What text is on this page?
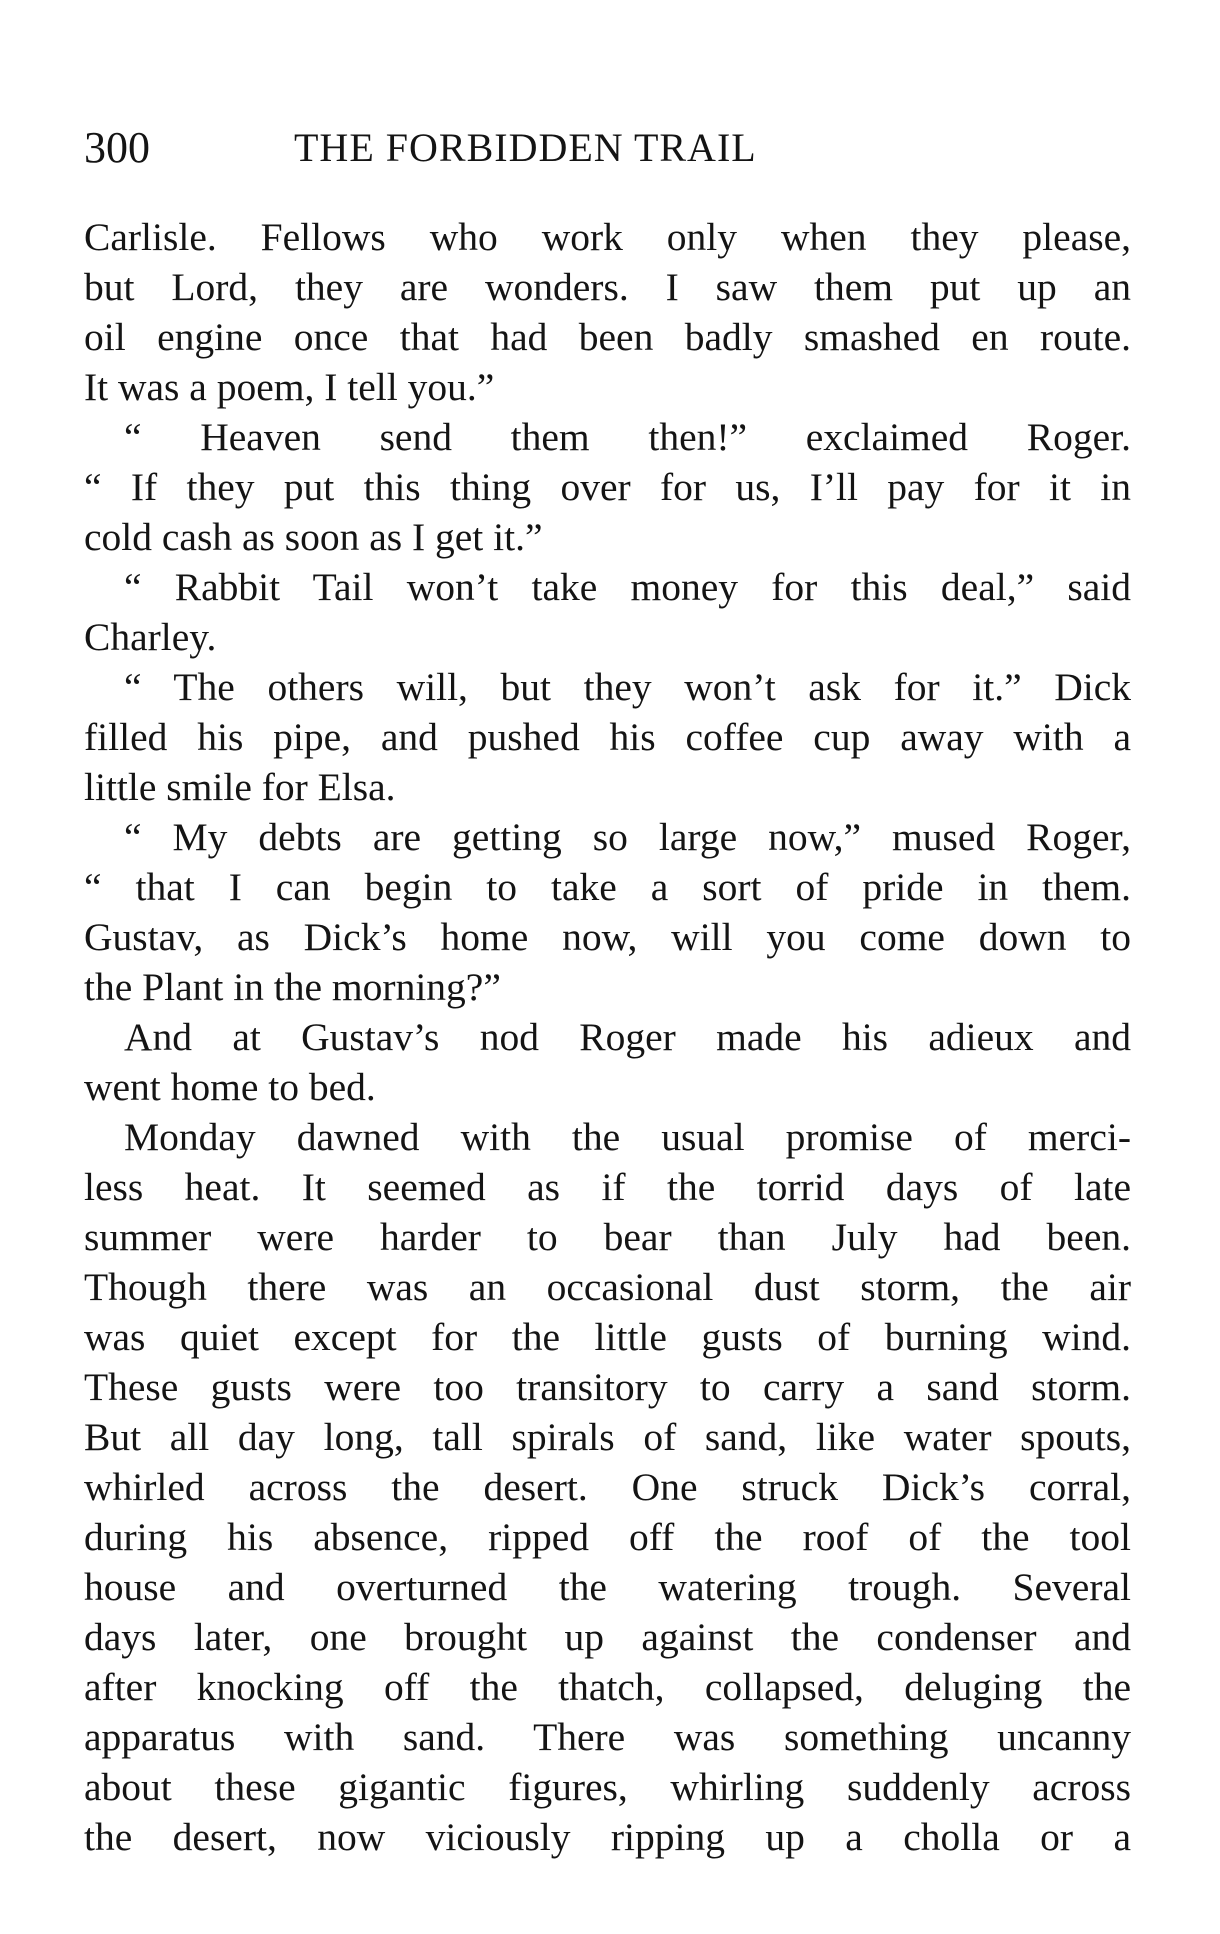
300	THE FORBIDDEN TRAIL
Carlisle. Fellows who work only when they please,
but Lord, they are wonders. I saw them put up an
oil engine once that had been badly smashed en route.
It was a poem, I tell you.”
“ Heaven send them then!” exclaimed Roger.
“ If they put this thing over for us, I’ll pay for it in
cold cash as soon as I get it.”
“ Rabbit Tail won’t take money for this deal,” said
Charley.
“ The others will, but they won’t ask for it.” Dick
filled his pipe, and pushed his coffee cup away with a
little smile for Elsa.
“ My debts are getting so large now,” mused Roger,
“ that I can begin to take a sort of pride in them.
Gustav, as Dick’s home now, will you come down to
the Plant in the morning?”
And at Gustav’s nod Roger made his adieux and
went home to bed.
Monday dawned with the usual promise of merci-
less heat. It seemed as if the torrid days of late
summer were harder to bear than July had been.
Though there was an occasional dust storm, the air
was quiet except for the little gusts of burning wind.
These gusts were too transitory to carry a sand storm.
But all day long, tall spirals of sand, like water spouts,
whirled across the desert. One struck Dick’s corral,
during his absence, ripped off the roof of the tool
house and overturned the watering trough. Several
days later, one brought up against the condenser and
after knocking off the thatch, collapsed, deluging the
apparatus with sand. There was something uncanny
about these gigantic figures, whirling suddenly across
the desert, now viciously ripping up a cholla or a
